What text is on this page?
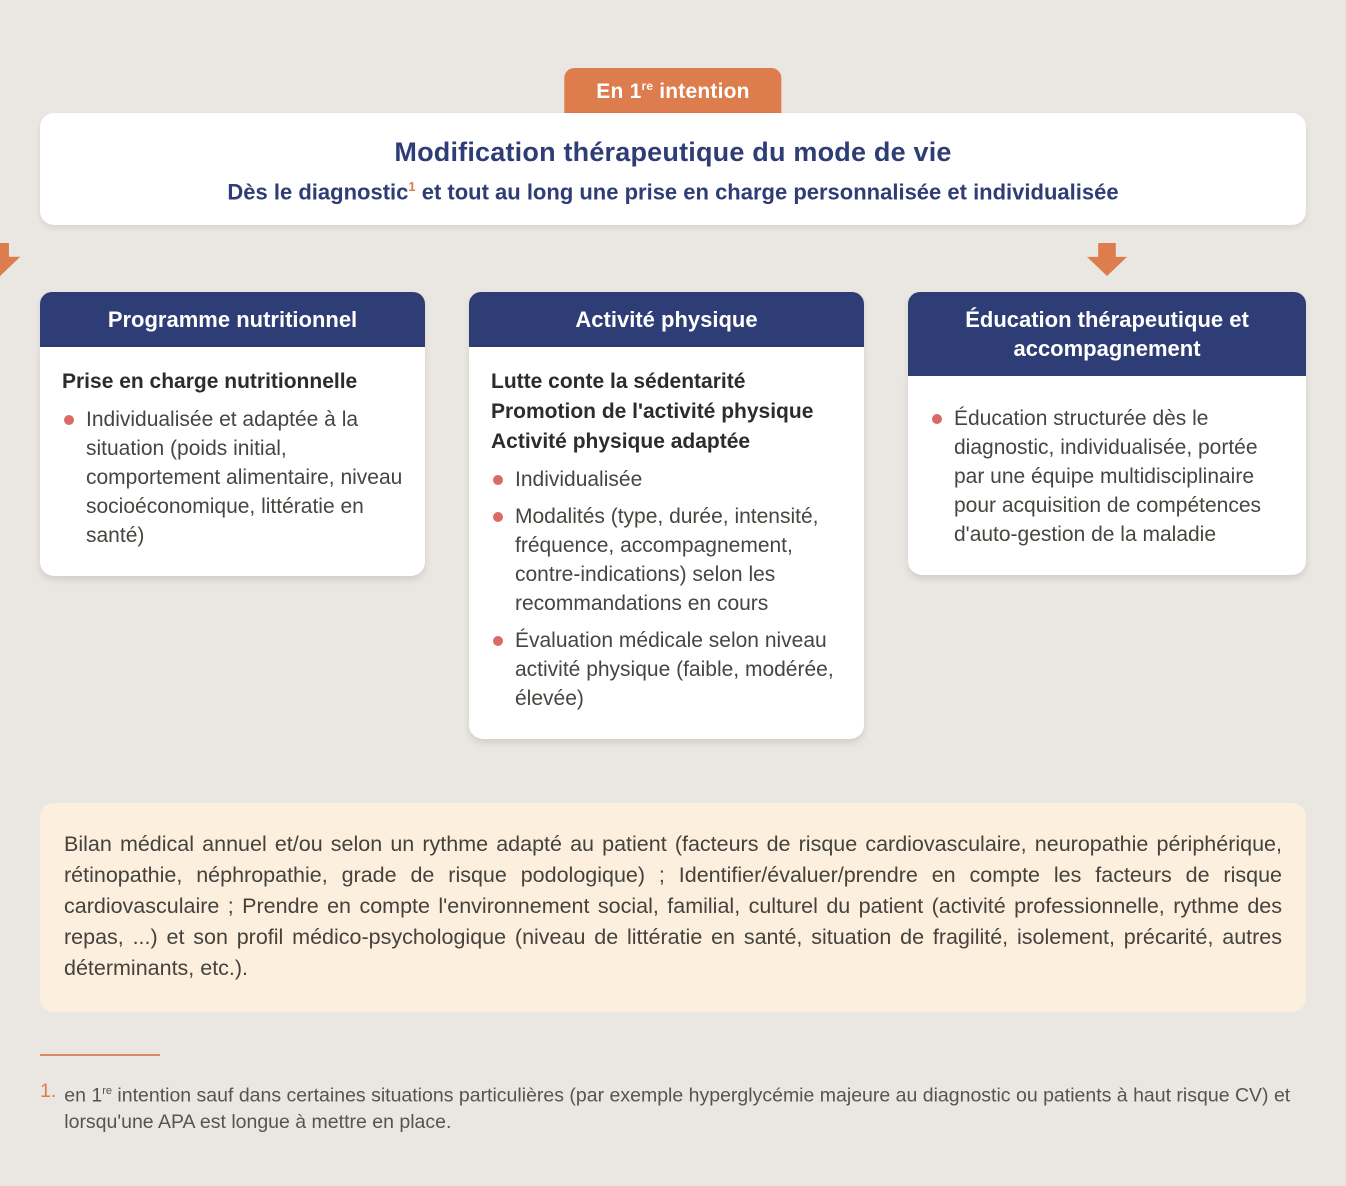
En 1re intention
Modification thérapeutique du mode de vie
Dès le diagnostic$^1$ et tout au long une prise en charge personnalisée et individualisée
Programme nutritionnel
Prise en charge nutritionnelle
Individualisée et adaptée à la situation (poids initial, comportement alimentaire, niveau socioéconomique, littératie en santé)
Activité physique
Lutte conte la sédentarité
Promotion de l'activité physique
Activité physique adaptée
Individualisée
Modalités (type, durée, intensité, fréquence, accompagnement, contre-indications) selon les recommandations en cours
Évaluation médicale selon niveau activité physique (faible, modérée, élevée)
Éducation thérapeutique et accompagnement
Éducation structurée dès le diagnostic, individualisée, portée par une équipe multidisciplinaire pour acquisition de compétences d'auto-gestion de la maladie
Bilan médical annuel et/ou selon un rythme adapté au patient (facteurs de risque cardiovasculaire, neuropathie périphérique, rétinopathie, néphropathie, grade de risque podologique) ; Identifier/évaluer/prendre en compte les facteurs de risque cardiovasculaire ; Prendre en compte l'environnement social, familial, culturel du patient (activité professionnelle, rythme des repas, ...) et son profil médico-psychologique (niveau de littératie en santé, situation de fragilité, isolement, précarité, autres déterminants, etc.).
1. en 1re intention sauf dans certaines situations particulières (par exemple hyperglycémie majeure au diagnostic ou patients à haut risque CV) et lorsqu'une APA est longue à mettre en place.
